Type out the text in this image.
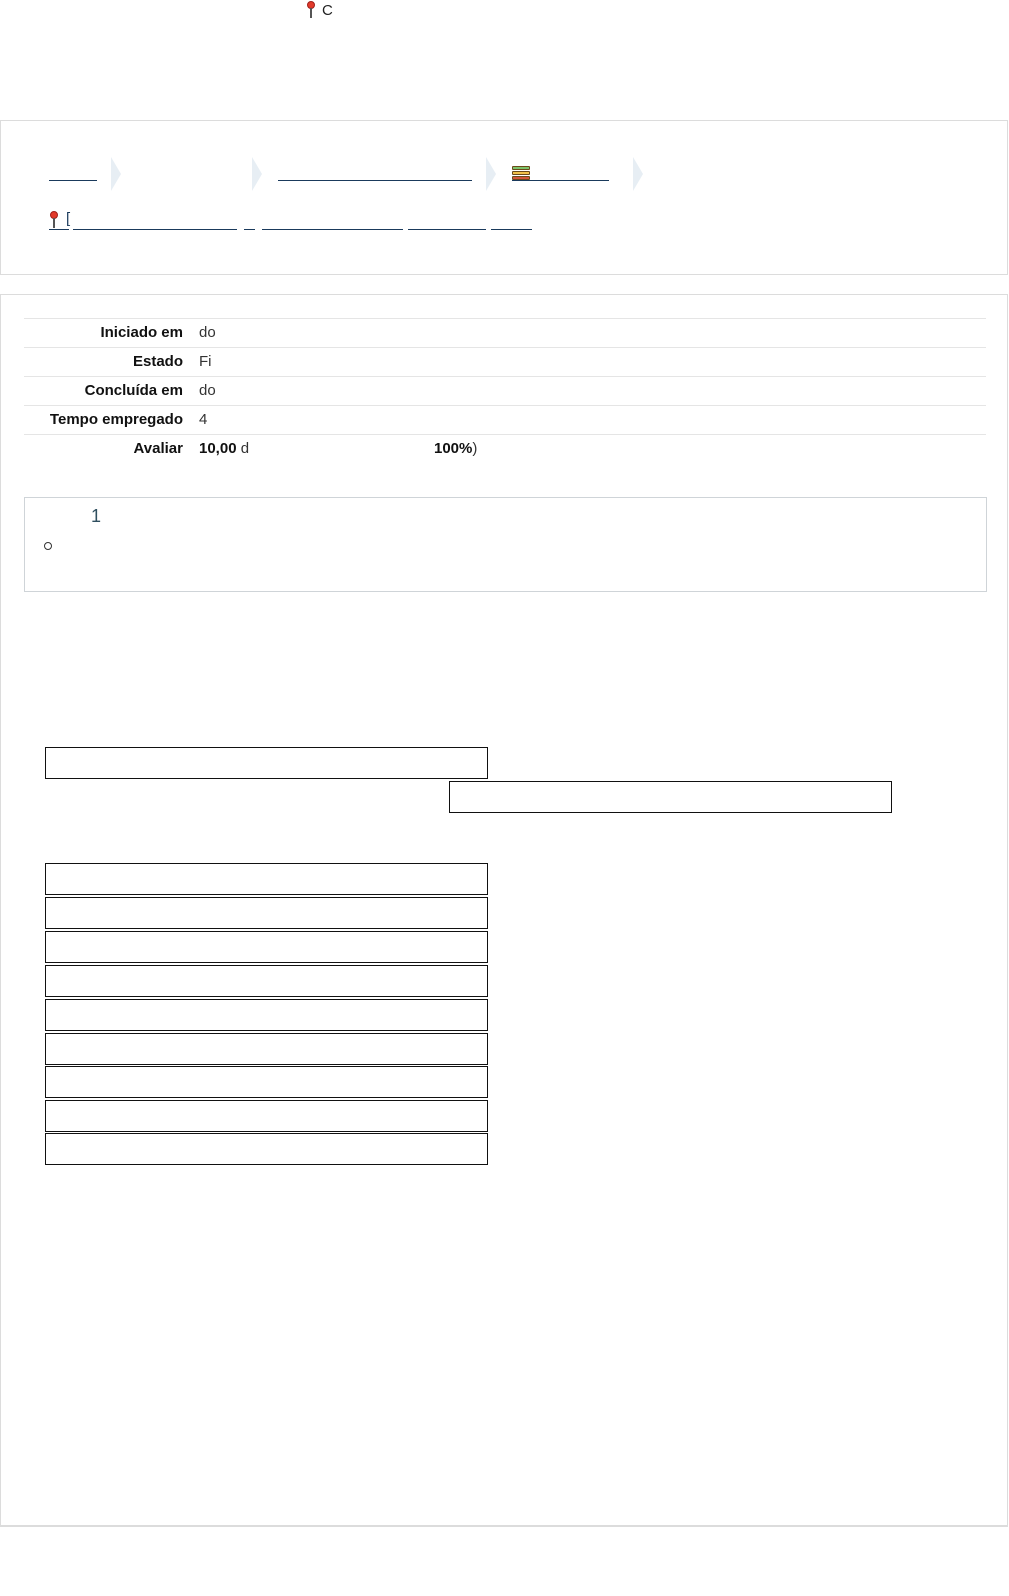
C
[
Iniciado em	do
Estado	Fi
Concluída em	do
Tempo empregado	4
Avaliar	10,00 d	100%)
1
